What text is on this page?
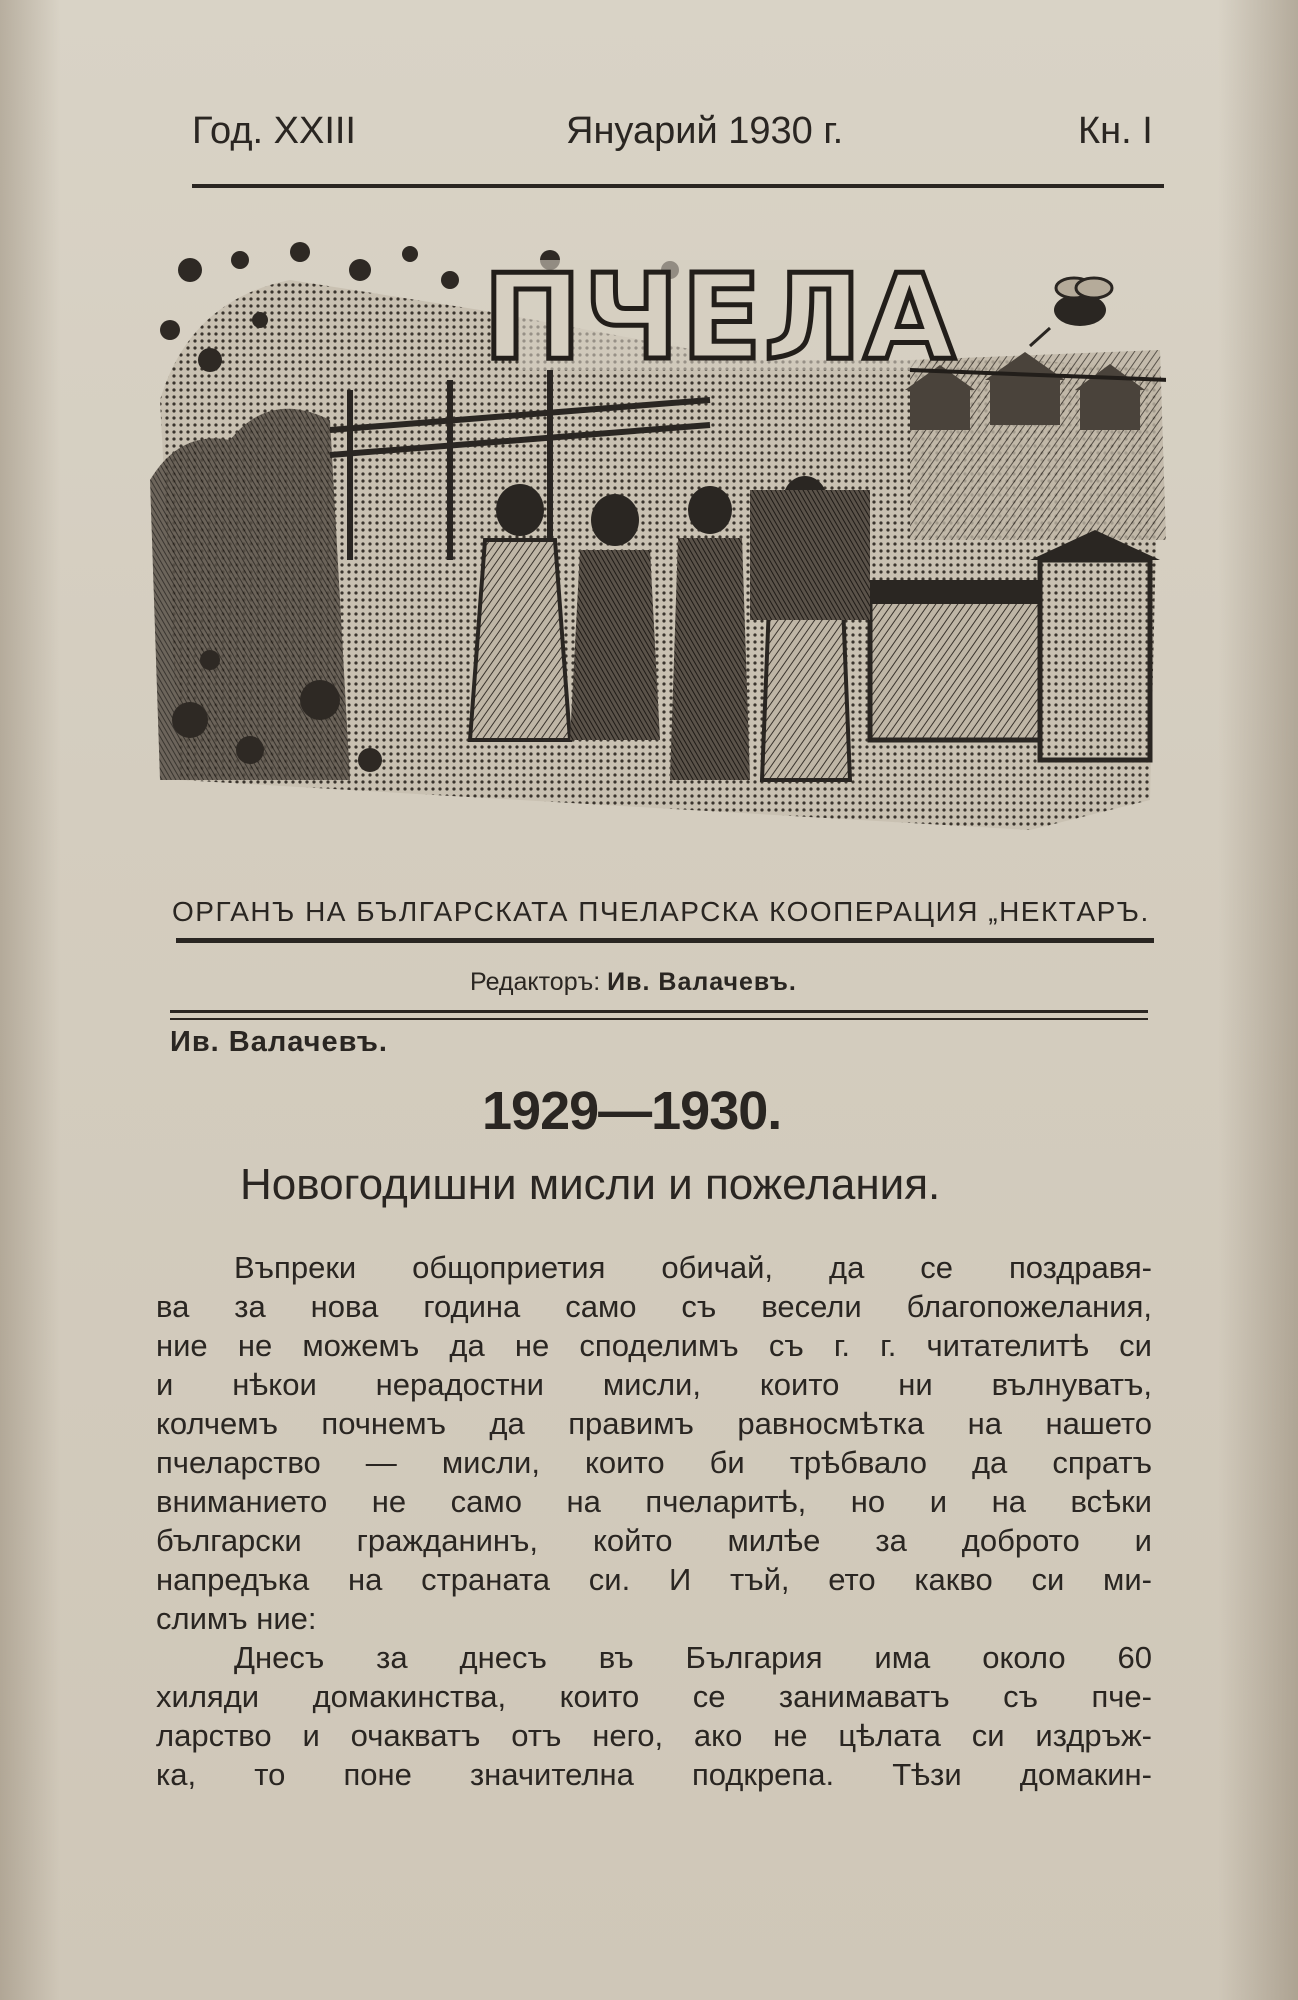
Год. XXIII	Януарий 1930 г.	Кн. I
ПЧЕЛА
ОРГАНЪ НА БЪЛГАРСКАТА ПЧЕЛАРСКА КООПЕРАЦИЯ „НЕКТАРЪ.
Редакторъ: Ив. Валачевъ.
Ив. Валачевъ.
1929—1930.
Новогодишни мисли и пожелания.
Въпреки общоприетия обичай, да се поздравя-
ва за нова година само съ весели благопожелания,
ние не можемъ да не споделимъ съ г. г. читателитѣ си
и нѣкои нерадостни мисли, които ни вълнуватъ,
колчемъ почнемъ да правимъ равносмѣтка на нашето
пчеларство — мисли, които би трѣбвало да спратъ
вниманието не само на пчеларитѣ, но и на всѣки
български гражданинъ, който милѣе за доброто и
напредъка на страната си. И тъй, ето какво си ми-
слимъ ние:
Днесъ за днесъ въ България има около 60
хиляди домакинства, които се занимаватъ съ пче-
ларство и очакватъ отъ него, ако не цѣлата си издръж-
ка, то поне значителна подкрепа. Тѣзи домакин-
